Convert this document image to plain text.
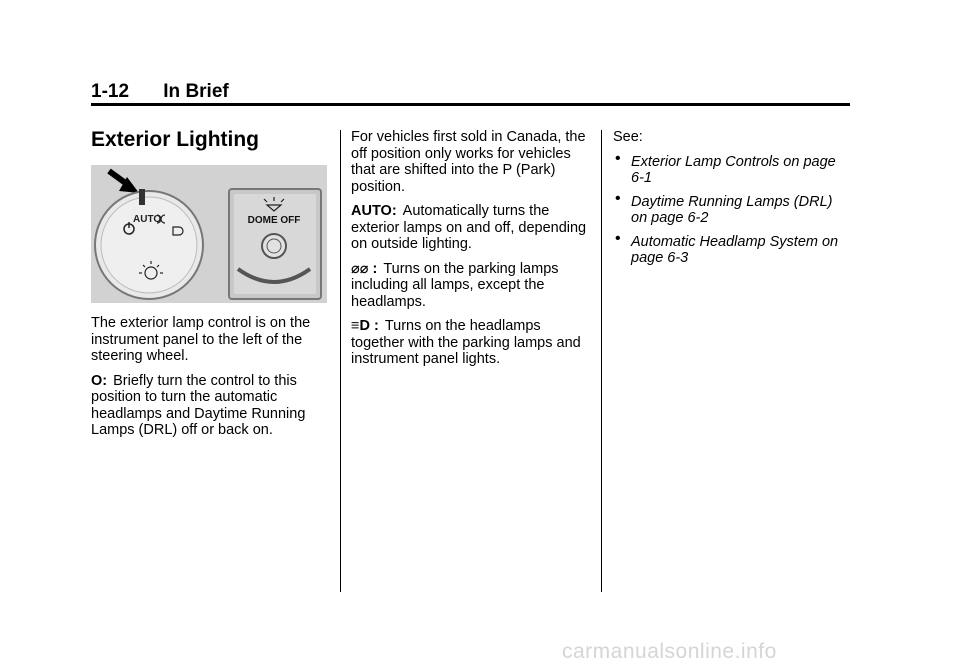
1-12 In Brief
Exterior Lighting
AUTO	DOME OFF

The exterior lamp control is on the instrument panel to the left of the steering wheel.

O: Briefly turn the control to this position to turn the automatic headlamps and Daytime Running Lamps (DRL) off or back on.

For vehicles first sold in Canada, the off position only works for vehicles that are shifted into the P (Park) position.

AUTO: Automatically turns the exterior lamps on and off, depending on outside lighting.

⌀⌀ : Turns on the parking lamps including all lamps, except the headlamps.

≡D : Turns on the headlamps together with the parking lamps and instrument panel lights.

See:

• Exterior Lamp Controls on page 6-1
• Daytime Running Lamps (DRL) on page 6-2
• Automatic Headlamp System on page 6-3
carmanualsonline.info
